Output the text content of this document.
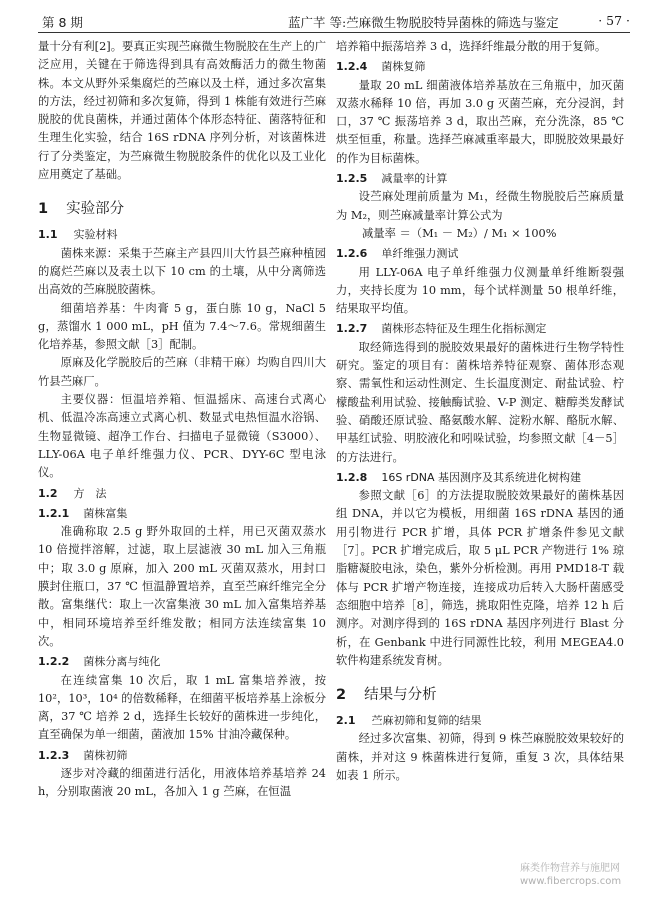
第 8 期	蓝广芊 等:苎麻微生物脱胶特异菌株的筛选与鉴定	· 57 ·

量十分有利[2]。要真正实现苎麻微生物脱胶在生产上的广泛应用，关键在于筛选得到具有高效酶活力的微生物菌株。本文从野外采集腐烂的苎麻以及土样，通过多次富集的方法，经过初筛和多次复筛，得到 1 株能有效进行苎麻脱胶的优良菌株，并通过菌体个体形态特征、菌落特征和生理生化实验，结合 16S rDNA 序列分析，对该菌株进行了分类鉴定，为苎麻微生物脱胶条件的优化以及工业化应用奠定了基础。

1 实验部分
1.1 实验材料

菌株来源：采集于苎麻主产县四川大竹县苎麻种植园的腐烂苎麻以及表土以下 10 cm 的土壤，从中分离筛选出高效的苎麻脱胶菌株。

细菌培养基：牛肉膏 5 g，蛋白胨 10 g，NaCl 5 g，蒸馏水 1 000 mL，pH 值为 7.4～7.6。常规细菌生化培养基，参照文献［3］配制。

原麻及化学脱胶后的苎麻（非精干麻）均购自四川大竹县苎麻厂。

主要仪器：恒温培养箱、恒温摇床、高速台式离心机、低温冷冻高速立式离心机、数显式电热恒温水浴锅、生物显微镜、超净工作台、扫描电子显微镜（S3000）、LLY-06A 电子单纤维强力仪、PCR、DYY-6C 型电泳仪。

1.2 方　法
1.2.1 菌株富集

准确称取 2.5 g 野外取回的土样，用已灭菌双蒸水 10 倍搅拌溶解，过滤，取上层滤液 30 mL 加入三角瓶中；取 3.0 g 原麻，加入 200 mL 灭菌双蒸水，用封口膜封住瓶口，37 ℃ 恒温静置培养，直至苎麻纤维完全分散。富集继代：取上一次富集液 30 mL 加入富集培养基中，相同环境培养至纤维发散；相同方法连续富集 10 次。

1.2.2 菌株分离与纯化

在连续富集 10 次后，取 1 mL 富集培养液，按 10²，10³，10⁴ 的倍数稀释，在细菌平板培养基上涂板分离，37 ℃ 培养 2 d，选择生长较好的菌株进一步纯化，直至确保为单一细菌，菌液加 15% 甘油冷藏保种。

1.2.3 菌株初筛

逐步对冷藏的细菌进行活化，用液体培养基培养 24 h，分别取菌液 20 mL，各加入 1 g 苎麻，在恒温

培养箱中振荡培养 3 d，选择纤维最分散的用于复筛。

1.2.4 菌株复筛

量取 20 mL 细菌液体培养基放在三角瓶中，加灭菌双蒸水稀释 10 倍，再加 3.0 g 灭菌苎麻，充分浸润，封口，37 ℃ 振荡培养 3 d，取出苎麻，充分洗涤，85 ℃ 烘至恒重，称量。选择苎麻减重率最大，即脱胶效果最好的作为目标菌株。

1.2.5 减量率的计算

设苎麻处理前质量为 M₁，经微生物脱胶后苎麻质量为 M₂，则苎麻减量率计算公式为

减量率 ＝（M₁ － M₂）/ M₁ × 100%
1.2.6 单纤维强力测试

用 LLY-06A 电子单纤维强力仪测量单纤维断裂强力，夹持长度为 10 mm，每个试样测量 50 根单纤维，结果取平均值。

1.2.7 菌株形态特征及生理生化指标测定

取经筛选得到的脱胶效果最好的菌株进行生物学特性研究。鉴定的项目有：菌株培养特征观察、菌体形态观察、需氧性和运动性测定、生长温度测定、耐盐试验、柠檬酸盐利用试验、接触酶试验、V-P 测定、糖醇类发酵试验、硝酸还原试验、酪氨酸水解、淀粉水解、酪朊水解、甲基红试验、明胶液化和吲哚试验，均参照文献［4－5］的方法进行。

1.2.8 16S rDNA 基因测序及其系统进化树构建

参照文献［6］的方法提取脱胶效果最好的菌株基因组 DNA，并以它为模板，用细菌 16S rDNA 基因的通用引物进行 PCR 扩增，具体 PCR 扩增条件参见文献［7］。PCR 扩增完成后，取 5 μL PCR 产物进行 1% 琼脂糖凝胶电泳，染色，紫外分析检测。再用 PMD18-T 载体与 PCR 扩增产物连接，连接成功后转入大肠杆菌感受态细胞中培养［8］，筛选，挑取阳性克隆，培养 12 h 后测序。对测序得到的 16S rDNA 基因序列进行 Blast 分析，在 Genbank 中进行同源性比较，利用 MEGEA4.0 软件构建系统发育树。

2 结果与分析
2.1 苎麻初筛和复筛的结果

经过多次富集、初筛，得到 9 株苎麻脱胶效果较好的菌株，并对这 9 株菌株进行复筛，重复 3 次，具体结果如表 1 所示。

麻类作物营养与施肥网
www.fibercrops.com
